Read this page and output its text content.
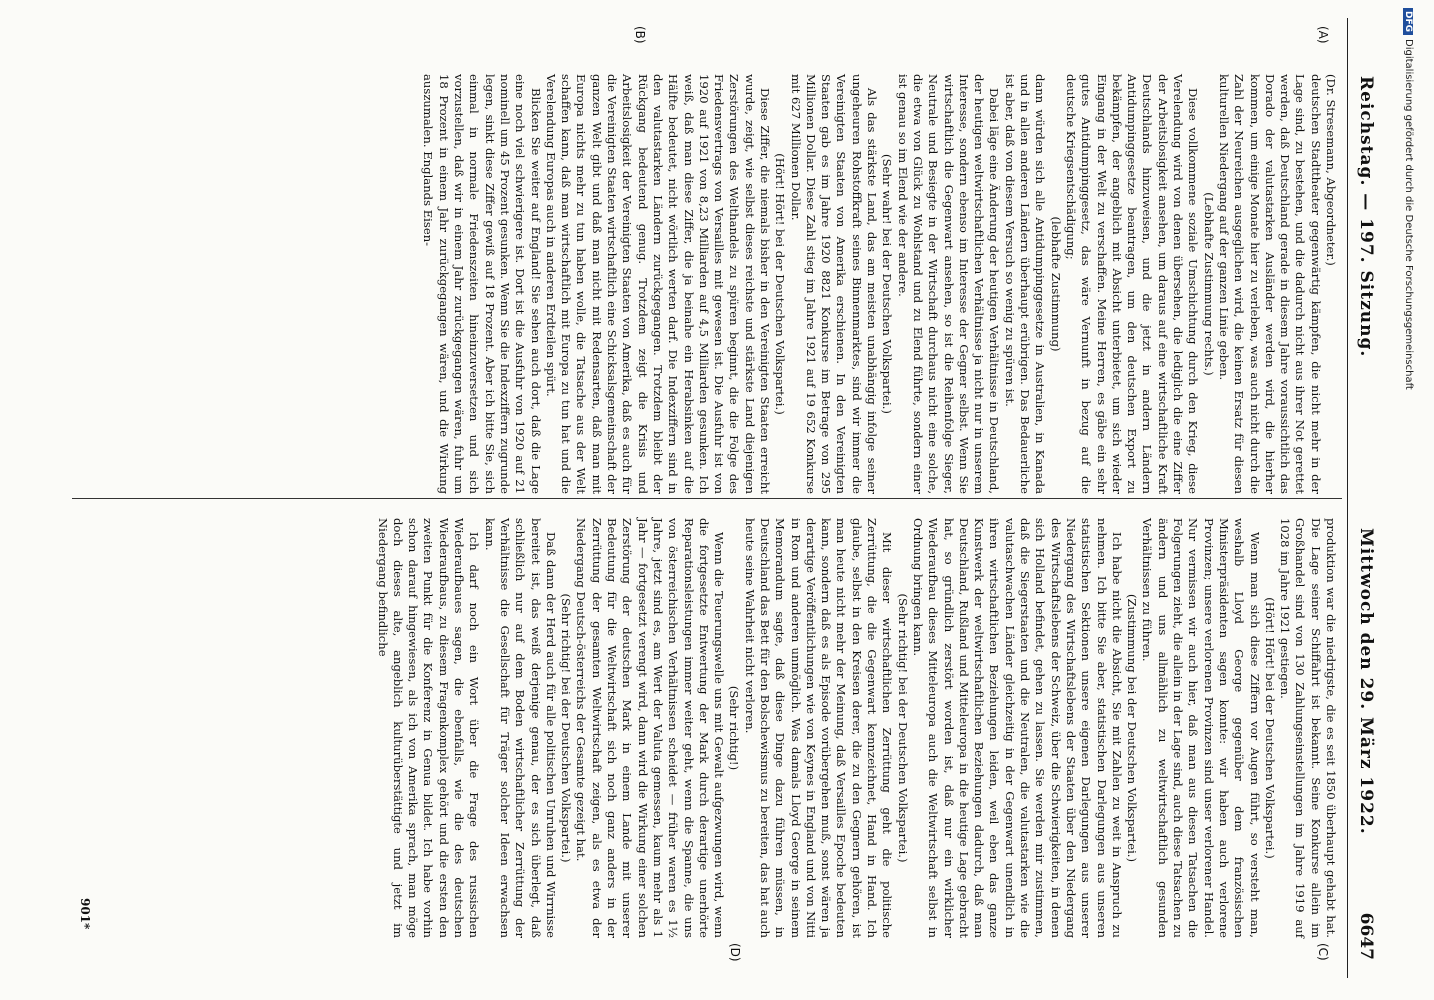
Reichstag. — 197. Sitzung.
Mittwoch den 29. März 1922.
6647
(A)
(B)
(C)
(D)

(Dr. Stresemann, Abgeordneter.)

deutschen Stadttheater gegenwärtig kämpfen, die nicht mehr in der Lage sind, zu bestehen, und die dadurch nicht aus ihrer Not gerettet werden, daß Deutschland gerade in diesem Jahre voraussichtlich das Dorado der valutastarken Ausländer werden wird, die hierher kommen, um einige Monate hier zu verleben, was auch nicht durch die Zahl der Neureichen ausgeglichen wird, die keinen Ersatz für diesen kulturellen Niedergang auf der ganzen Linie geben.

(Lebhafte Zustimmung rechts.)

Diese vollkommene soziale Umschichtung durch den Krieg, diese Verelendung wird von denen übersehen, die lediglich die eine Ziffer der Arbeitslosigkeit ansehen, um daraus auf eine wirtschaftliche Kraft Deutschlands hinzuweisen, und die jetzt in andern Ländern Antidumpinggesetze beantragen, um den deutschen Export zu bekämpfen, der angeblich mit Absicht unterbietet, um sich wieder Eingang in der Welt zu verschaffen. Meine Herren, es gäbe ein sehr gutes Antidumpinggesetz, das wäre Vernunft in bezug auf die deutsche Kriegsentschädigung;

(lebhafte Zustimmung)

dann würden sich alle Antidumpinggesetze in Australien, in Kanada und in allen anderen Ländern überhaupt erübrigen. Das Bedauerliche ist aber, daß von diesem Versuch so wenig zu spüren ist.

Dabei läge eine Änderung der heutigen Verhältnisse in Deutschland, der heutigen weltwirtschaftlichen Verhältnisse ja nicht nur in unserem Interesse, sondern ebenso im Interesse der Gegner selbst. Wenn Sie wirtschaftlich die Gegenwart ansehen, so ist die Reihenfolge Sieger, Neutrale und Besiegte in der Wirtschaft durchaus nicht eine solche, die etwa von Glück zu Wohlstand und zu Elend führte, sondern einer ist genau so im Elend wie der andere.

(Sehr wahr! bei der Deutschen Volkspartei.)

Als das stärkste Land, das am meisten unabhängig infolge seiner ungeheuren Rohstoffkraft seines Binnenmarktes, sind wir immer die Vereinigten Staaten von Amerika erschienen. In den Vereinigten Staaten gab es im Jahre 1920 8821 Konkurse im Betrage von 295 Millionen Dollar. Diese Zahl stieg im Jahre 1921 auf 19 652 Konkurse mit 627 Millionen Dollar.

(Hört! Hört! bei der Deutschen Volkspartei.)

Diese Ziffer, die niemals bisher in den Vereinigten Staaten erreicht wurde, zeigt, wie selbst dieses reichste und stärkste Land diejenigen Zerstörungen des Welthandels zu spüren beginnt, die die Folge des Friedensvertrags von Versailles mit gewesen ist. Die Ausfuhr ist von 1920 auf 1921 von 8,23 Milliarden auf 4,5 Milliarden gesunken. Ich weiß, daß man diese Ziffer, die ja beinahe ein Herabsinken auf die Hälfte bedeutet, nicht wörtlich werten darf. Die Indexziffern sind in den valutastarken Ländern zurückgegangen. Trotzdem bleibt der Rückgang bedeutend genug. Trotzdem zeigt die Krisis und Arbeitslosigkeit der Vereinigten Staaten von Amerika, daß es auch für die Vereinigten Staaten wirtschaftlich eine Schicksalsgemeinschaft der ganzen Welt gibt und daß man nicht mit Redensarten, daß man mit Europa nichts mehr zu tun haben wolle, die Tatsache aus der Welt schaffen kann, daß man wirtschaftlich mit Europa zu tun hat und die Verelendung Europas auch in anderen Erdteilen spürt.

Blicken Sie weiter auf England! Sie sehen auch dort, daß die Lage eine noch viel schwierigere ist. Dort ist die Ausfuhr von 1920 auf 21 nominell um 45 Prozent gesunken. Wenn Sie die Indexziffern zugrunde legen, sinkt diese Ziffer gewiß auf 18 Prozent. Aber ich bitte Sie, sich einmal in normale Friedenszeiten hineinzuversetzen und sich vorzustellen, daß wir in einem Jahr zurückgegangen wären, fuhr um 18 Prozent in einem Jahr zurückgegangen wären, und die Wirkung auszumalen. Englands Eisen-

produktion war die niedrigste, die es seit 1850 überhaupt gehabt hat. Die Lage seiner Schiffahrt ist bekannt. Seine Konkurse allein im Großhandel sind von 130 Zahlungseinstellungen im Jahre 1919 auf 1028 im Jahre 1921 gestiegen.

(Hört! Hört! bei der Deutschen Volkspartei.)

Wenn man sich diese Ziffern vor Augen führt, so versteht man, weshalb Lloyd George gegenüber dem französischen Ministerpräsidenten sagen konnte: wir haben auch verlorene Provinzen; unsere verlorenen Provinzen sind unser verlorener Handel. Nur vermissen wir auch hier, daß man aus diesen Tatsachen die Folgerungen zieht, die allein in der Lage sind, auch diese Tatsachen zu ändern und uns allmählich zu weltwirtschaftlich gesunden Verhältnissen zu führen.

(Zustimmung bei der Deutschen Volkspartei.)

Ich habe nicht die Absicht, Sie mit Zahlen zu weit in Anspruch zu nehmen. Ich bitte Sie aber, statistischen Darlegungen aus unseren statistischen Sektionen unsere eigenen Darlegungen aus unserer Niedergang des Wirtschaftslebens der Staaten über den Niedergang des Wirtschaftslebens der Schweiz, über die Schwierigkeiten, in denen sich Holland befindet, gehen zu lassen. Sie werden mir zustimmen, daß die Siegerstaaten und die Neutralen, die valutastarken wie die valutaschwachen Länder gleichzeitig in der Gegenwart unendlich in ihren wirtschaftlichen Beziehungen leiden, weil eben das ganze Kunstwerk der weltwirtschaftlichen Beziehungen dadurch, daß man Deutschland, Rußland und Mitteleuropa in die heutige Lage gebracht hat, so gründlich zerstört worden ist, daß nur ein wirklicher Wiederaufbau dieses Mitteleuropa auch die Weltwirtschaft selbst in Ordnung bringen kann.

(Sehr richtig! bei der Deutschen Volkspartei.)

Mit dieser wirtschaftlichen Zerrüttung geht die politische Zerrüttung, die die Gegenwart kennzeichnet, Hand in Hand. Ich glaube, selbst in den Kreisen derer, die zu den Gegnern gehören, ist man heute nicht mehr der Meinung, daß Versailles Epoche bedeuten kann, sondern daß es als Episode vorübergehen muß, sonst wären ja derartige Veröffentlichungen wie von Keynes in England und von Nitti in Rom und anderen unmöglich. Was damals Lloyd George in seinem Memorandum sagte, daß diese Dinge dazu führen müssen, in Deutschland das Bett für den Bolschewismus zu bereiten, das hat auch heute seine Wahrheit nicht verloren.

(Sehr richtig!)

Wenn die Teuerungswelle uns mit Gewalt aufgezwungen wird, wenn die fortgesetzte Entwertung der Mark durch derartige unerhörte Reparationsleistungen immer weiter geht, wenn die Spanne, die uns von österreichischen Verhältnissen scheidet — früher waren es 1½ Jahre, jetzt sind es, am Wert der Valuta gemessen, kaum mehr als 1 Jahr — fortgesetzt verengt wird, dann wird die Wirkung einer solchen Zerstörung der deutschen Mark in einem Lande mit unserer Bedeutung für die Weltwirtschaft sich noch ganz anders in der Zerrüttung der gesamten Weltwirtschaft zeigen, als es etwa der Niedergang Deutsch-österreichs der Gesamte gezeigt hat.

(Sehr richtig! bei der Deutschen Volkspartei.)

Daß dann der Herd auch für alle politischen Unruhen und Wirrnisse bereitet ist, das weiß derjenige genau, der es sich überlegt, daß schließlich nur auf dem Boden wirtschaftlicher Zerrüttung der Verhältnisse die Gesellschaft für Träger solcher Ideen erwachsen kann.

Ich darf noch ein Wort über die Frage des russischen Wiederaufbaues sagen, die ebenfalls, wie die des deutschen Wiederaufbaus, zu diesem Fragenkomplex gehört und die ersten den zweiten Punkt für die Konferenz in Genua bildet. Ich habe vorhin schon darauf hingewiesen, als ich von Amerika sprach, man möge doch dieses alte, angeblich kulturüberstättigte und jetzt im Niedergang befindliche

901*
DFGDigitalisierung gefördert durch die Deutsche Forschungsgemeinschaft
